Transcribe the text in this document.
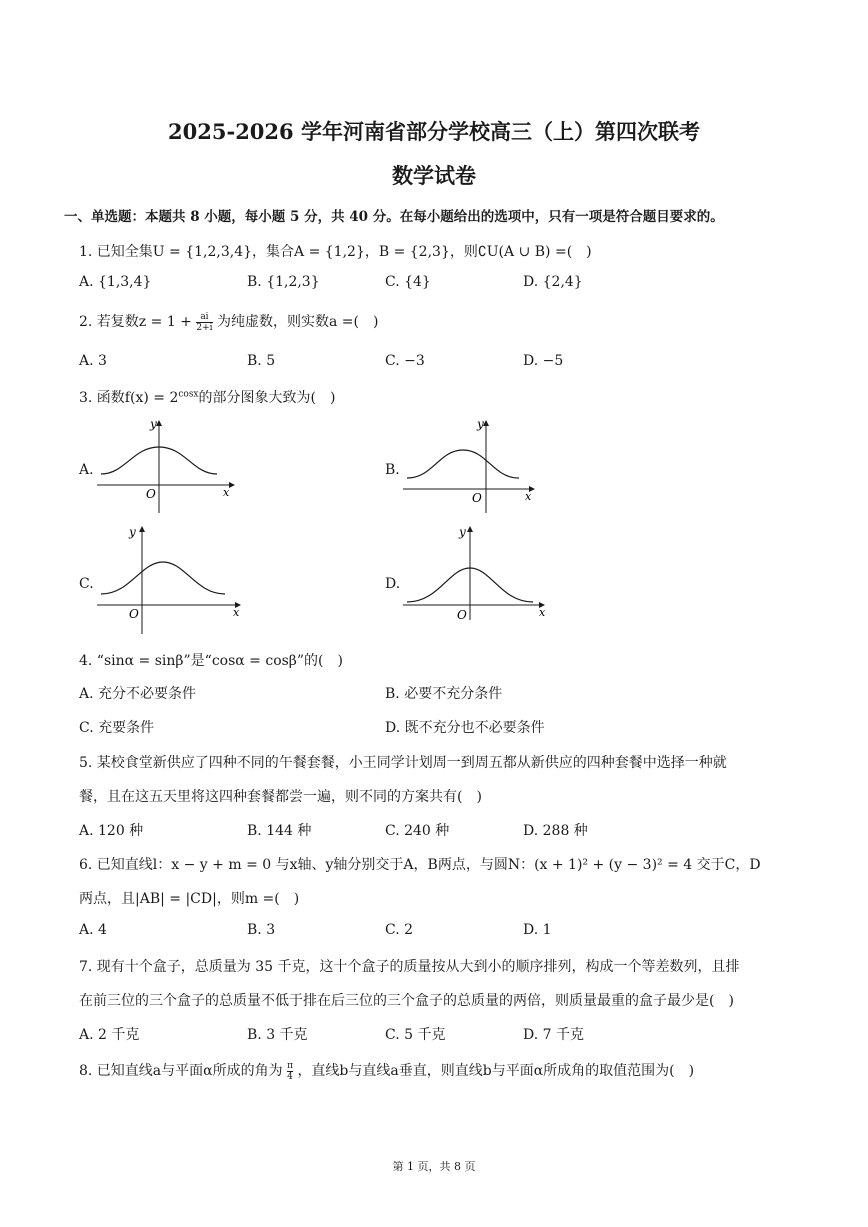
2025-2026 学年河南省部分学校高三（上）第四次联考
数学试卷
一、单选题：本题共 8 小题，每小题 5 分，共 40 分。在每小题给出的选项中，只有一项是符合题目要求的。
1. 已知全集U = {1,2,3,4}，集合A = {1,2}，B = {2,3}，则∁U(A ∪ B) =(　)
A. {1,3,4}	B. {1,2,3}	C. {4}	D. {2,4}
2. 若复数$z = 1 + \frac{ai}{2+i}$ 为纯虚数，则实数a =(　)
A. 3	B. 5	C. −3	D. −5
3. 函数$f(x) = 2^{cosx}$的部分图象大致为(　)
A.
y
x
O
B.
y
x
O
C.
y
x
O
D.
y
x
O
4. “sinα = sinβ”是“cosα = cosβ”的(　)
A. 充分不必要条件	B. 必要不充分条件
C. 充要条件	D. 既不充分也不必要条件
5. 某校食堂新供应了四种不同的午餐套餐，小王同学计划周一到周五都从新供应的四种套餐中选择一种就
餐，且在这五天里将这四种套餐都尝一遍，则不同的方案共有(　)
A. 120 种	B. 144 种	C. 240 种	D. 288 种
6. 已知直线l：x − y + m = 0 与x轴、y轴分别交于A，B两点，与圆N：(x + 1)² + (y − 3)² = 4 交于C，D
两点，且|AB| = |CD|，则m =(　)
A. 4	B. 3	C. 2	D. 1
7. 现有十个盒子，总质量为 35 千克，这十个盒子的质量按从大到小的顺序排列，构成一个等差数列，且排
在前三位的三个盒子的总质量不低于排在后三位的三个盒子的总质量的两倍，则质量最重的盒子最少是(　)
A. 2 千克	B. 3 千克	C. 5 千克	D. 7 千克
8. 已知直线a与平面α所成的角为 $\frac{\pi}{4}$ ，直线b与直线a垂直，则直线b与平面α所成角的取值范围为(　)
第 1 页，共 8 页
